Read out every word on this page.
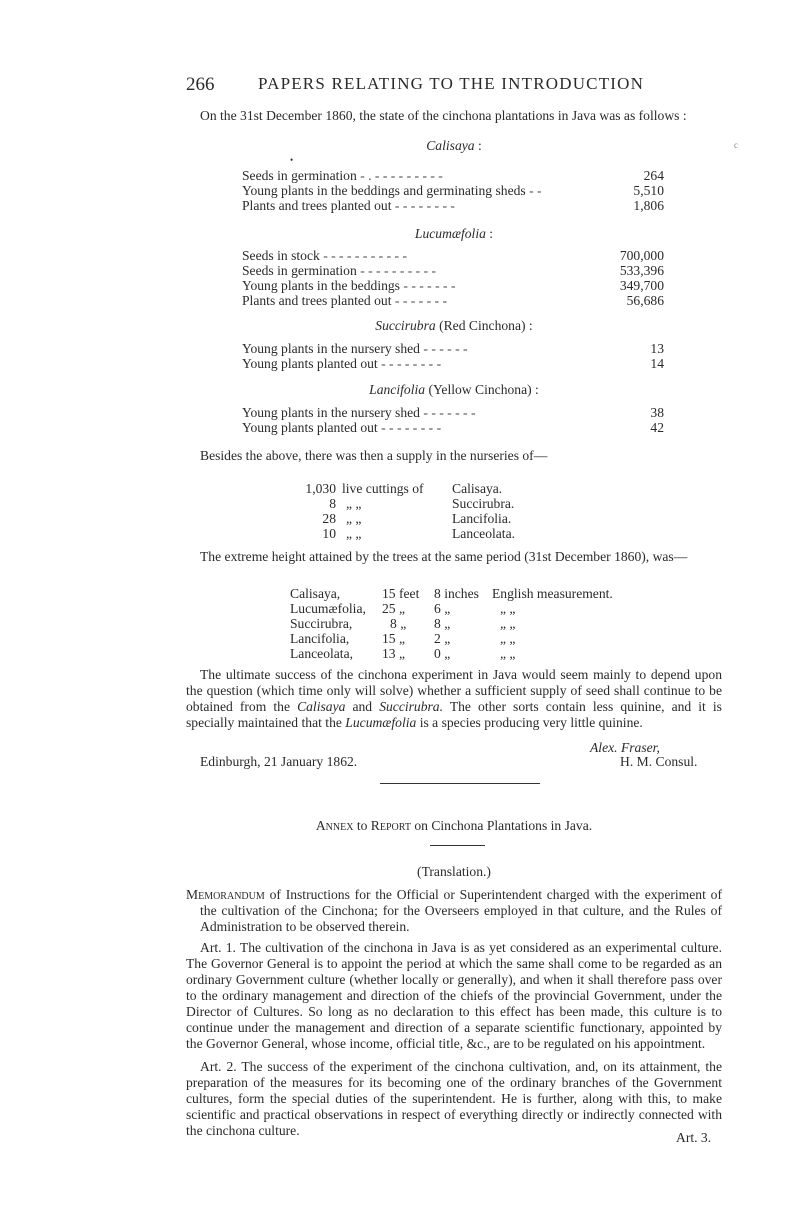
266	PAPERS RELATING TO THE INTRODUCTION
On the 31st December 1860, the state of the cinchona plantations in Java was as follows :
Calisaya :
•
c
Seeds in germination - . - - - - - - - - -	264
Young plants in the beddings and germinating sheds - -	5,510
Plants and trees planted out - - - - - - - -	1,806
Lucumæfolia :
Seeds in stock - - - - - - - - - - -	700,000
Seeds in germination - - - - - - - - - -	533,396
Young plants in the beddings - - - - - - -	349,700
Plants and trees planted out - - - - - - -	56,686
Succirubra (Red Cinchona) :
Young plants in the nursery shed - - - - - -	13
Young plants planted out - - - - - - - -	14
Lancifolia (Yellow Cinchona) :
Young plants in the nursery shed - - - - - - -	38
Young plants planted out - - - - - - - -	42
Besides the above, there was then a supply in the nurseries of—
1,030	live cuttings of	Calisaya.
8	„ „	Succirubra.
28	„ „	Lancifolia.
10	„ „	Lanceolata.
The extreme height attained by the trees at the same period (31st December 1860), was—
Calisaya,	15 feet	8 inches	English measurement.
Lucumæfolia,	25 „	6 „	„ „
Succirubra,	8 „	8 „	„ „
Lancifolia,	15 „	2 „	„ „
Lanceolata,	13 „	0 „	„ „
The ultimate success of the cinchona experiment in Java would seem mainly to depend upon the question (which time only will solve) whether a sufficient supply of seed shall continue to be obtained from the Calisaya and Succirubra. The other sorts contain less quinine, and it is specially maintained that the Lucumæfolia is a species producing very little quinine.
Alex. Fraser,
Edinburgh, 21 January 1862.	H. M. Consul.
Annex to Report on Cinchona Plantations in Java.
(Translation.)
Memorandum of Instructions for the Official or Superintendent charged with the experiment of the cultivation of the Cinchona; for the Overseers employed in that culture, and the Rules of Administration to be observed therein.
Art. 1. The cultivation of the cinchona in Java is as yet considered as an experimental culture. The Governor General is to appoint the period at which the same shall come to be regarded as an ordinary Government culture (whether locally or generally), and when it shall therefore pass over to the ordinary management and direction of the chiefs of the provincial Government, under the Director of Cultures. So long as no declaration to this effect has been made, this culture is to continue under the management and direction of a separate scientific functionary, appointed by the Governor General, whose income, official title, &c., are to be regulated on his appointment.
Art. 2. The success of the experiment of the cinchona cultivation, and, on its attainment, the preparation of the measures for its becoming one of the ordinary branches of the Government cultures, form the special duties of the superintendent. He is further, along with this, to make scientific and practical observations in respect of everything directly or indirectly connected with the cinchona culture.	Art. 3.
